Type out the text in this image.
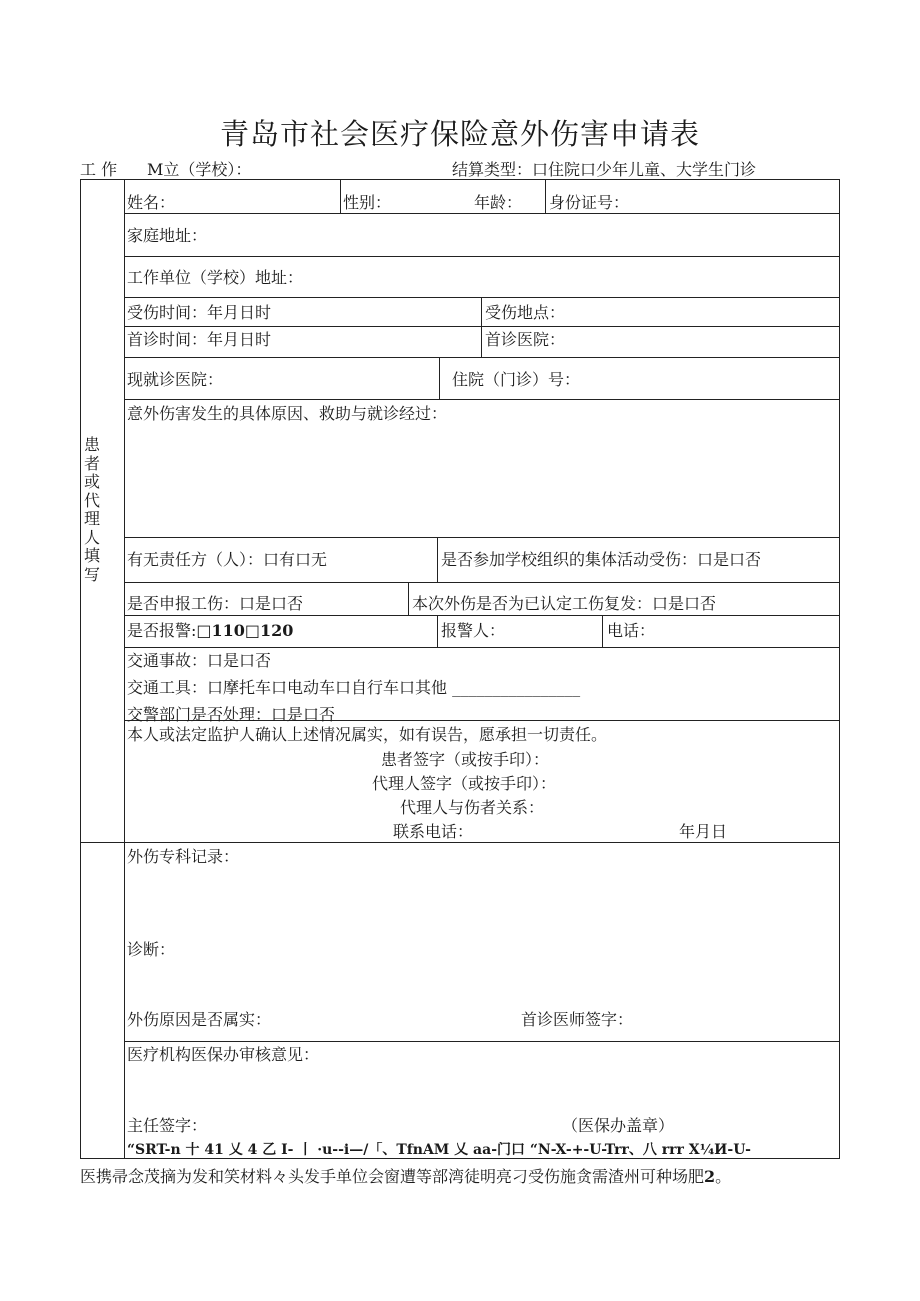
青岛市社会医疗保险意外伤害申请表
工 作 M立（学校）：	结算类型：口住院口少年儿童、大学生门诊
患者或代理人填写
姓名：	性别：	年龄： 身份证号：
家庭地址：
工作单位（学校）地址：
受伤时间：年月日时	受伤地点：
首诊时间：年月日时	首诊医院：
现就诊医院：	住院（门诊）号：
意外伤害发生的具体原因、救助与就诊经过：
有无责任方（人）：口有口无	是否参加学校组织的集体活动受伤：口是口否
是否申报工伤：口是口否	本次外伤是否为已认定工伤复发：口是口否
是否报警:□110□120	报警人：	电话：
交通事故：口是口否
交通工具：口摩托车口电动车口自行车口其他 ________________
交警部门是否处理：口是口否
本人或法定监护人确认上述情况属实，如有误告，愿承担一切责任。
患者签字（或按手印）：
代理人签字（或按手印）：
代理人与伤者关系：
联系电话：	年月日
外伤专科记录：
诊断：
外伤原因是否属实：	首诊医师签字：
医疗机构医保办审核意见：
主任签字：	（医保办盖章）
“SRT-n 十 41 乂 4 乙 I- 丨 ·u--i—/「、TfnAM 乂 aa-门口 “N-X-+-U-Trr、八 rrr X¼И-U-
医携帚念茂摘为发和笑材料々头发手单位会窗遭等部湾徒明亮刁受伤施贪需渣州可种场肥2。
